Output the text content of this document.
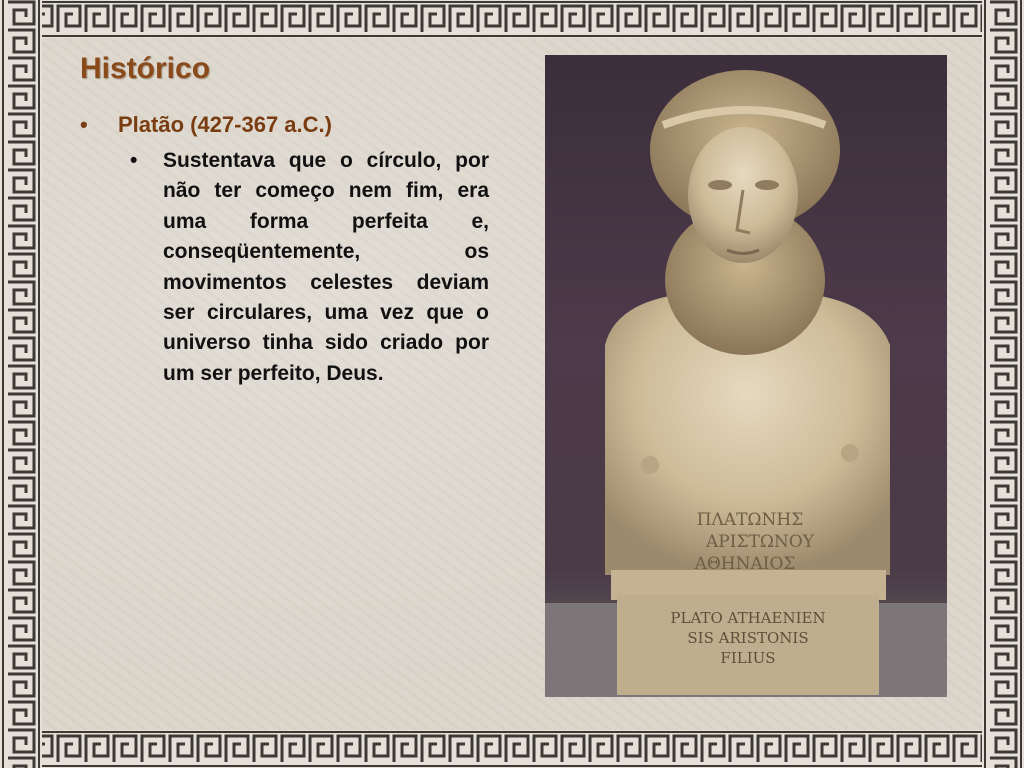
Histórico
•	Platão (427-367 a.C.)
•	Sustentava que o círculo, por não ter começo nem fim, era uma forma perfeita e, conseqüentemente, os movimentos celestes deviam ser circulares, uma vez que o universo tinha sido criado por um ser perfeito, Deus.
ΠΛΑΤΩΝΗΣ
ΑΡΙΣΤΩΝΟΥ
ΑΘΗΝΑΙΟΣ
PLATO ATHAENIEN
SIS ARISTONIS
FILIUS
